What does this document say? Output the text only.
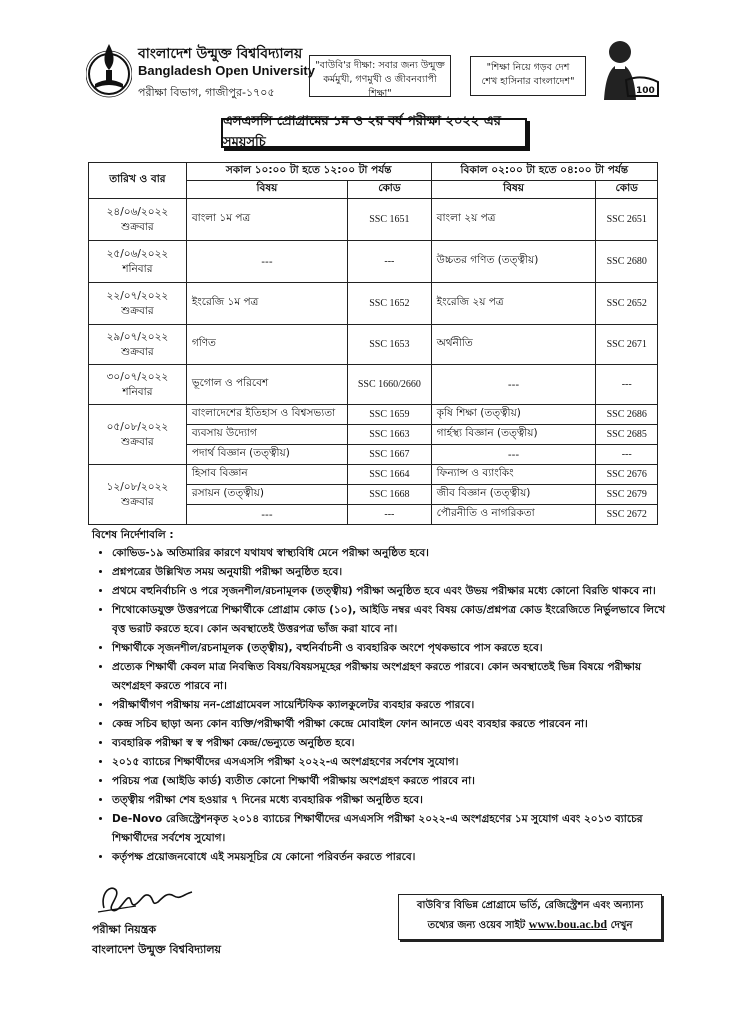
বাংলাদেশ উন্মুক্ত বিশ্ববিদ্যালয়
Bangladesh Open University
পরীক্ষা বিভাগ, গাজীপুর-১৭০৫
"বাউবি'র দীক্ষা: সবার জন্য উন্মুক্ত
কর্মমুখী, গণমুখী ও জীবনব্যাপী শিক্ষা"
"শিক্ষা নিয়ে গড়ব দেশ
শেখ হাসিনার বাংলাদেশ"
100
এসএসসি প্রোগ্রামের ১ম ও ২য় বর্ষ পরীক্ষা ২০২২ এর সময়সূচি
তারিখ ও বার	সকাল ১০:০০ টা হতে ১২:০০ টা পর্যন্ত		বিকাল ০২:০০ টা হতে ০৪:০০ টা পর্যন্ত	
	বিষয়	কোড	বিষয়	কোড

২৪/০৬/২০২২
শুক্রবার	বাংলা ১ম পত্র	SSC 1651	বাংলা ২য় পত্র	SSC 2651

২৫/০৬/২০২২
শনিবার	---	---	উচ্চতর গণিত (তত্ত্বীয়)	SSC 2680

২২/০৭/২০২২
শুক্রবার	ইংরেজি ১ম পত্র	SSC 1652	ইংরেজি ২য় পত্র	SSC 2652

২৯/০৭/২০২২
শুক্রবার	গণিত	SSC 1653	অর্থনীতি	SSC 2671

৩০/০৭/২০২২
শনিবার	ভূগোল ও পরিবেশ	SSC 1660/2660	---	---

০৫/০৮/২০২২
শুক্রবার	বাংলাদেশের ইতিহাস ও বিশ্বসভ্যতা	SSC 1659	কৃষি শিক্ষা (তত্ত্বীয়)	SSC 2686
	ব্যবসায় উদ্যোগ	SSC 1663	গার্হস্থ্য বিজ্ঞান (তত্ত্বীয়)	SSC 2685
	পদার্থ বিজ্ঞান (তত্ত্বীয়)	SSC 1667	---	---

১২/০৮/২০২২
শুক্রবার	হিসাব বিজ্ঞান	SSC 1664	ফিন্যান্স ও ব্যাংকিং	SSC 2676
	রসায়ন (তত্ত্বীয়)	SSC 1668	জীব বিজ্ঞান (তত্ত্বীয়)	SSC 2679
	---	---	পৌরনীতি ও নাগরিকতা	SSC 2672
বিশেষ নির্দেশাবলি :
• কোভিড-১৯ অতিমারির কারণে যথাযথ স্বাস্থ্যবিধি মেনে পরীক্ষা অনুষ্ঠিত হবে।
• প্রশ্নপত্রের উল্লিখিত সময় অনুযায়ী পরীক্ষা অনুষ্ঠিত হবে।
• প্রথমে বহুনির্বাচনি ও পরে সৃজনশীল/রচনামূলক (তত্ত্বীয়) পরীক্ষা অনুষ্ঠিত হবে এবং উভয় পরীক্ষার মধ্যে কোনো বিরতি থাকবে না।
• শিথোকোডযুক্ত উত্তরপত্রে শিক্ষার্থীকে প্রোগ্রাম কোড (১০), আইডি নম্বর এবং বিষয় কোড/প্রশ্নপত্র কোড ইংরেজিতে নির্ভুলভাবে লিখে বৃত্ত ভরাট করতে হবে। কোন অবস্থাতেই উত্তরপত্র ভাঁজ করা যাবে না।
• শিক্ষার্থীকে সৃজনশীল/রচনামূলক (তত্ত্বীয়), বহুনির্বাচনী ও ব্যবহারিক অংশে পৃথকভাবে পাস করতে হবে।
• প্রত্যেক শিক্ষার্থী কেবল মাত্র নিবন্ধিত বিষয়/বিষয়সমূহের পরীক্ষায় অংশগ্রহণ করতে পারবে। কোন অবস্থাতেই ভিন্ন বিষয়ে পরীক্ষায় অংশগ্রহণ করতে পারবে না।
• পরীক্ষার্থীগণ পরীক্ষায় নন-প্রোগ্রামেবল সায়েন্টিফিক ক্যালকুলেটর ব্যবহার করতে পারবে।
• কেন্দ্র সচিব ছাড়া অন্য কোন ব্যক্তি/পরীক্ষার্থী পরীক্ষা কেন্দ্রে মোবাইল ফোন আনতে এবং ব্যবহার করতে পারবেন না।
• ব্যবহারিক পরীক্ষা স্ব স্ব পরীক্ষা কেন্দ্র/ভেন্যুতে অনুষ্ঠিত হবে।
• ২০১৫ ব্যাচের শিক্ষার্থীদের এসএসসি পরীক্ষা ২০২২-এ অংশগ্রহণের সর্বশেষ সুযোগ।
• পরিচয় পত্র (আইডি কার্ড) ব্যতীত কোনো শিক্ষার্থী পরীক্ষায় অংশগ্রহণ করতে পারবে না।
• তত্ত্বীয় পরীক্ষা শেষ হওয়ার ৭ দিনের মধ্যে ব্যবহারিক পরীক্ষা অনুষ্ঠিত হবে।
• De-Novo রেজিস্ট্রেশনকৃত ২০১৪ ব্যাচের শিক্ষার্থীদের এসএসসি পরীক্ষা ২০২২-এ অংশগ্রহণের ১ম সুযোগ এবং ২০১৩ ব্যাচের শিক্ষার্থীদের সর্বশেষ সুযোগ।
• কর্তৃপক্ষ প্রয়োজনবোধে এই সময়সূচির যে কোনো পরিবর্তন করতে পারবে।
পরীক্ষা নিয়ন্ত্রক
বাংলাদেশ উন্মুক্ত বিশ্ববিদ্যালয়
বাউবি'র বিভিন্ন প্রোগ্রামে ভর্তি, রেজিস্ট্রেশন এবং অন্যান্য
তথ্যের জন্য ওয়েব সাইট www.bou.ac.bd দেখুন
